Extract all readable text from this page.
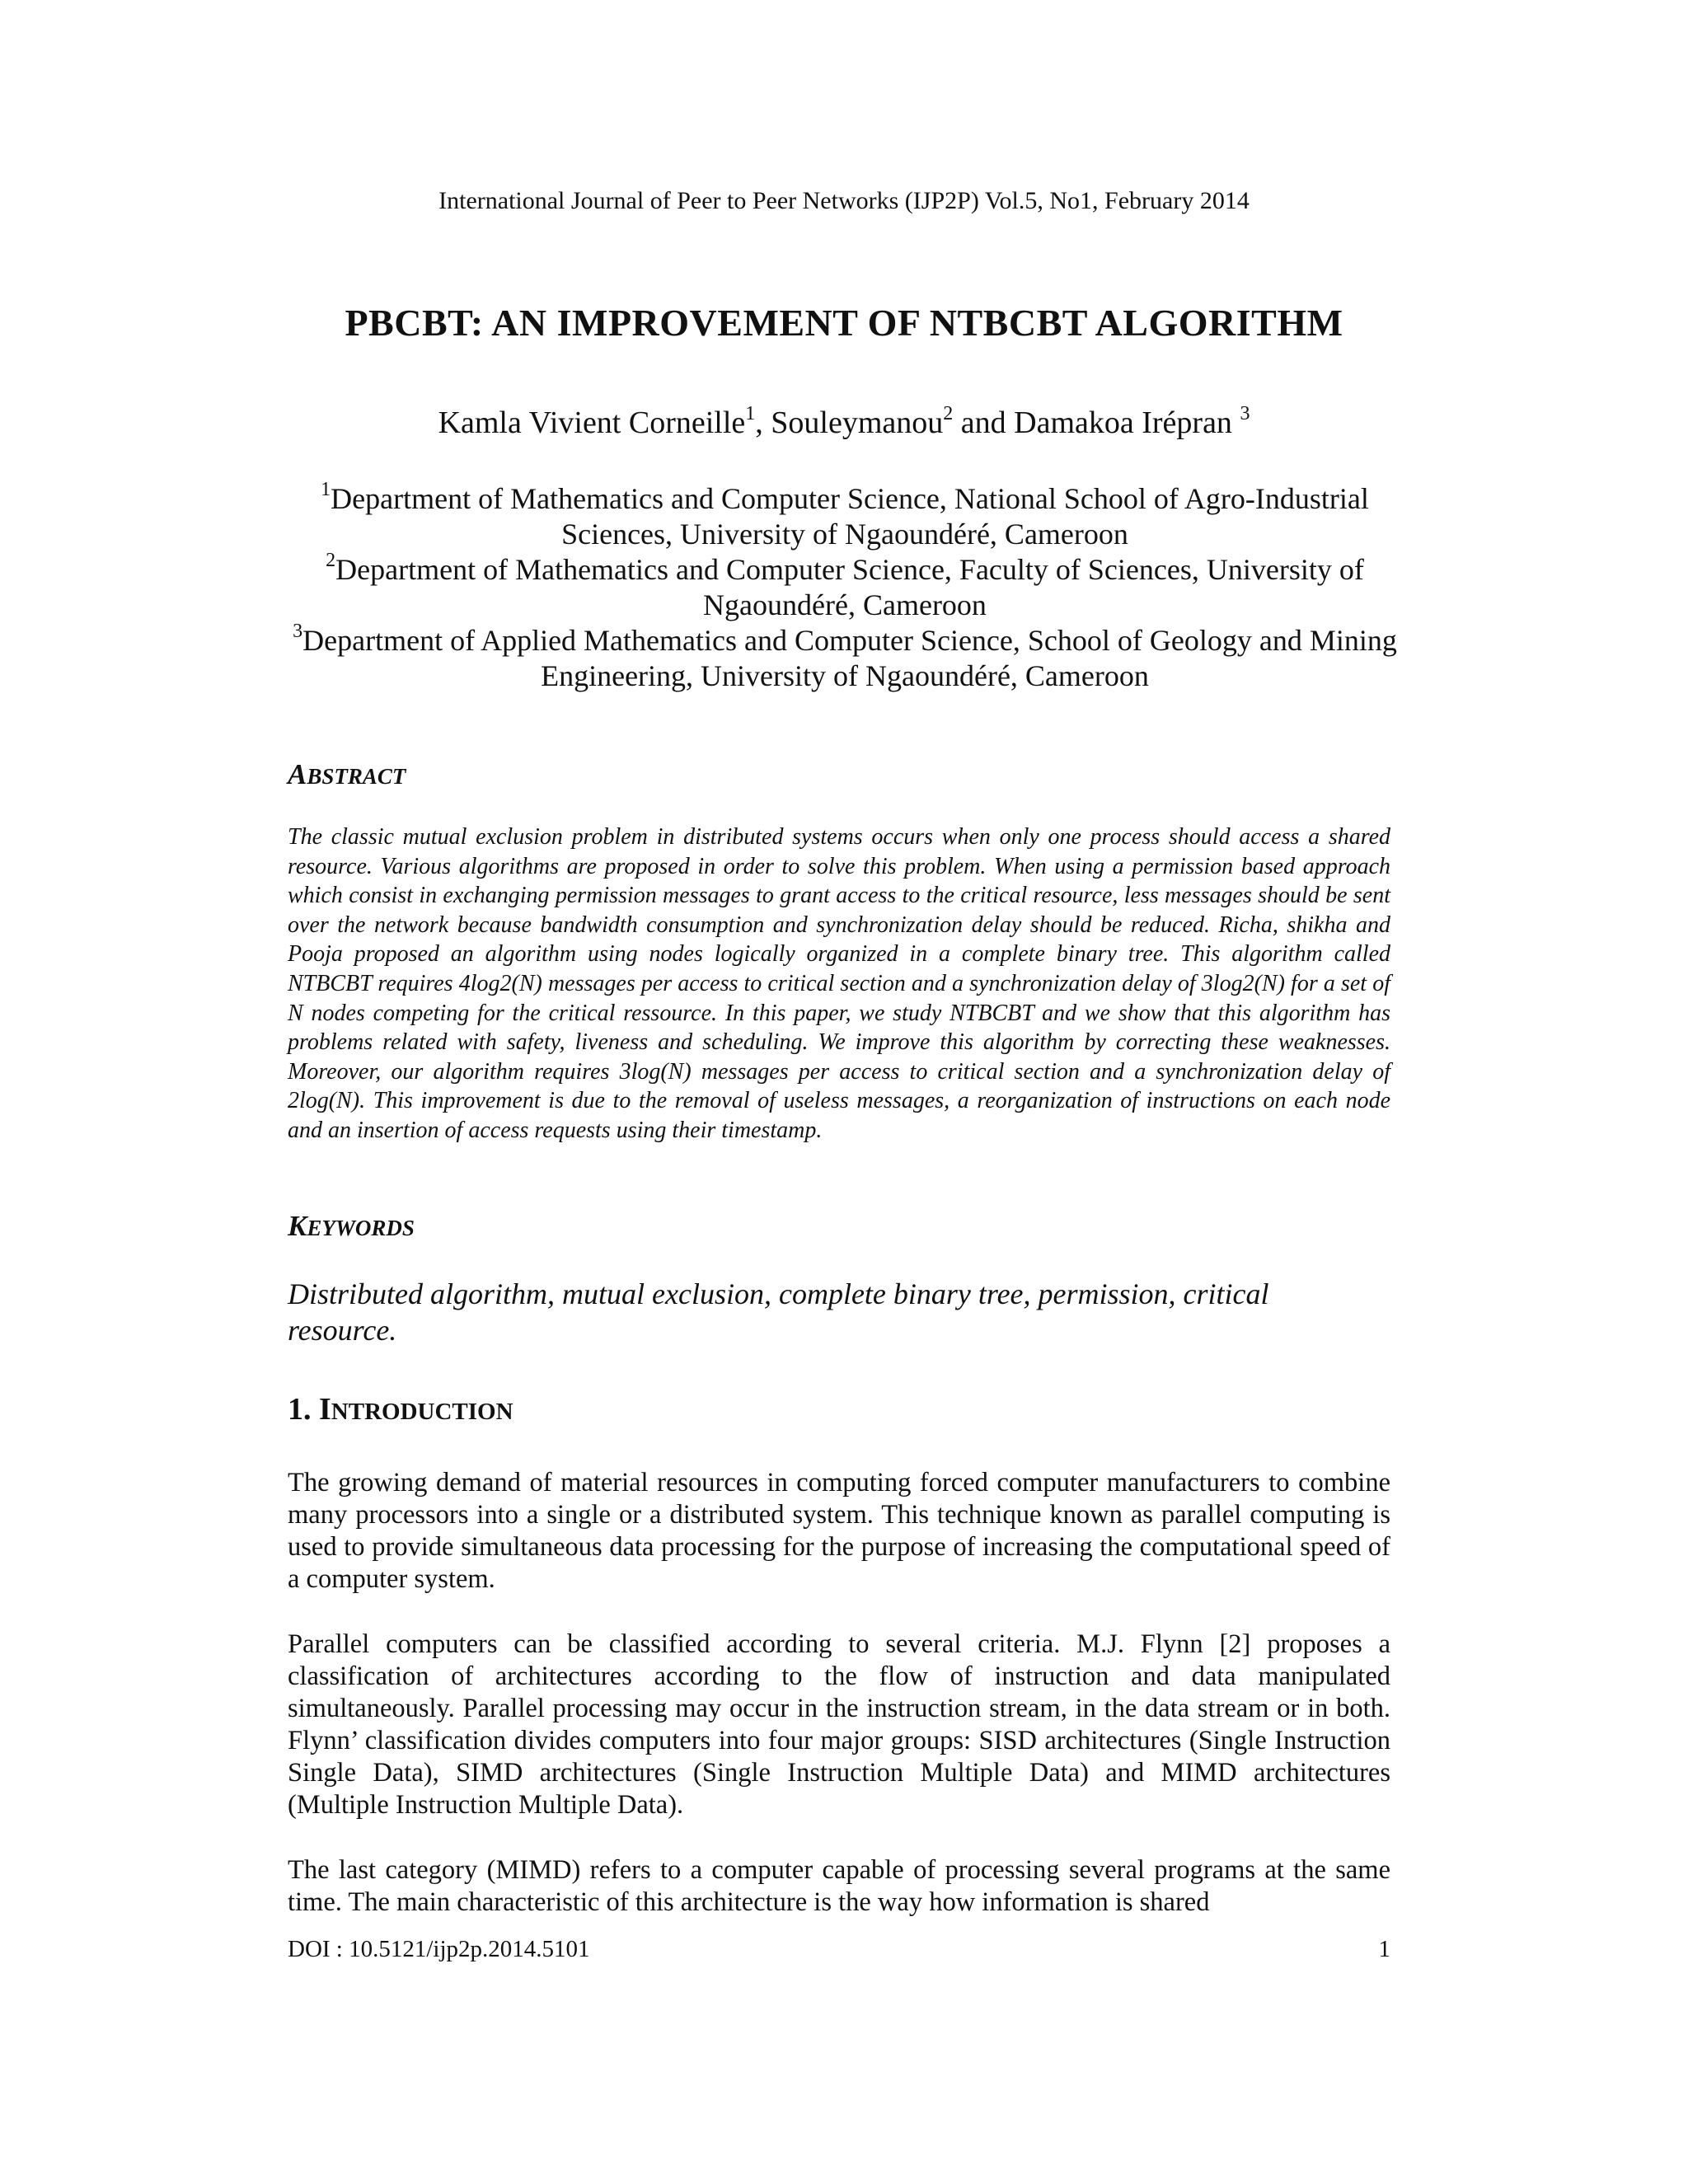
International Journal of Peer to Peer Networks (IJP2P) Vol.5, No1, February 2014
PBCBT: AN IMPROVEMENT OF NTBCBT ALGORITHM
Kamla Vivient Corneille$^1$, Souleymanou$^2$ and Damakoa Irépran $^3$

$^1$Department of Mathematics and Computer Science, National School of Agro-Industrial Sciences, University of Ngaoundéré, Cameroon

$^2$Department of Mathematics and Computer Science, Faculty of Sciences, University of Ngaoundéré, Cameroon

$^3$Department of Applied Mathematics and Computer Science, School of Geology and Mining Engineering, University of Ngaoundéré, Cameroon

ABSTRACT
The classic mutual exclusion problem in distributed systems occurs when only one process should access a shared resource. Various algorithms are proposed in order to solve this problem. When using a permission based approach which consist in exchanging permission messages to grant access to the critical resource, less messages should be sent over the network because bandwidth consumption and synchronization delay should be reduced. Richa, shikha and Pooja proposed an algorithm using nodes logically organized in a complete binary tree. This algorithm called NTBCBT requires 4log2(N) messages per access to critical section and a synchronization delay of 3log2(N) for a set of N nodes competing for the critical ressource. In this paper, we study NTBCBT and we show that this algorithm has problems related with safety, liveness and scheduling. We improve this algorithm by correcting these weaknesses. Moreover, our algorithm requires 3log(N) messages per access to critical section and a synchronization delay of 2log(N). This improvement is due to the removal of useless messages, a reorganization of instructions on each node and an insertion of access requests using their timestamp.
KEYWORDS
Distributed algorithm, mutual exclusion, complete binary tree, permission, critical resource.
1. INTRODUCTION

The growing demand of material resources in computing forced computer manufacturers to combine many processors into a single or a distributed system. This technique known as parallel computing is used to provide simultaneous data processing for the purpose of increasing the computational speed of a computer system.

Parallel computers can be classified according to several criteria. M.J. Flynn [2] proposes a classification of architectures according to the flow of instruction and data manipulated simultaneously. Parallel processing may occur in the instruction stream, in the data stream or in both. Flynn’ classification divides computers into four major groups: SISD architectures (Single Instruction Single Data), SIMD architectures (Single Instruction Multiple Data) and MIMD architectures (Multiple Instruction Multiple Data).

The last category (MIMD) refers to a computer capable of processing several programs at the same time. The main characteristic of this architecture is the way how information is shared

DOI : 10.5121/ijp2p.2014.5101	1
